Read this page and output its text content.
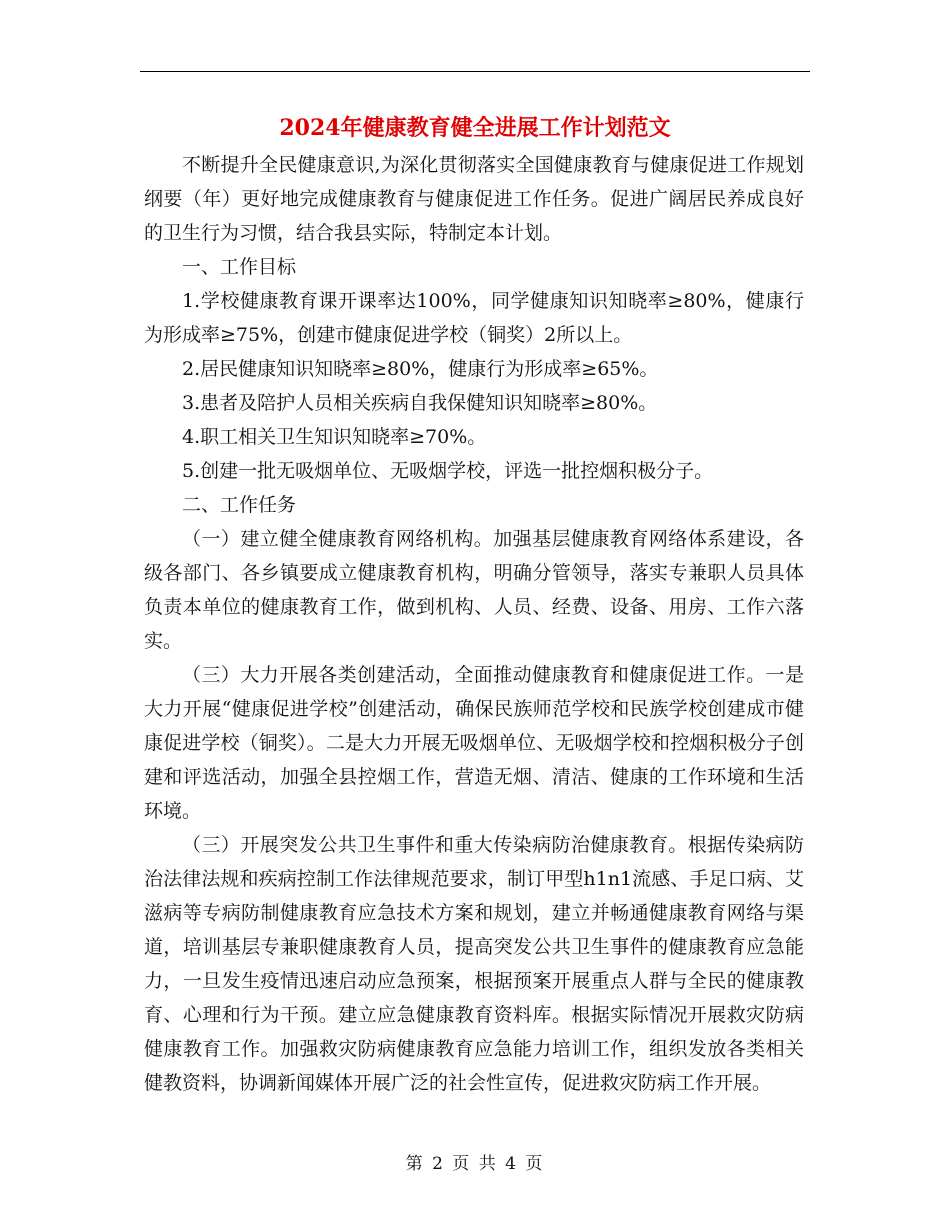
2024年健康教育健全进展工作计划范文

不断提升全民健康意识,为深化贯彻落实全国健康教育与健康促进工作规划纲要（年）更好地完成健康教育与健康促进工作任务。促进广阔居民养成良好的卫生行为习惯，结合我县实际，特制定本计划。

一、工作目标

1.学校健康教育课开课率达100%，同学健康知识知晓率≥80%，健康行为形成率≥75%，创建市健康促进学校（铜奖）2所以上。

2.居民健康知识知晓率≥80%，健康行为形成率≥65%。

3.患者及陪护人员相关疾病自我保健知识知晓率≥80%。

4.职工相关卫生知识知晓率≥70%。

5.创建一批无吸烟单位、无吸烟学校，评选一批控烟积极分子。

二、工作任务

（一）建立健全健康教育网络机构。加强基层健康教育网络体系建设，各级各部门、各乡镇要成立健康教育机构，明确分管领导，落实专兼职人员具体负责本单位的健康教育工作，做到机构、人员、经费、设备、用房、工作六落实。

（三）大力开展各类创建活动，全面推动健康教育和健康促进工作。一是大力开展“健康促进学校”创建活动，确保民族师范学校和民族学校创建成市健康促进学校（铜奖）。二是大力开展无吸烟单位、无吸烟学校和控烟积极分子创建和评选活动，加强全县控烟工作，营造无烟、清洁、健康的工作环境和生活环境。

（三）开展突发公共卫生事件和重大传染病防治健康教育。根据传染病防治法律法规和疾病控制工作法律规范要求，制订甲型h1n1流感、手足口病、艾滋病等专病防制健康教育应急技术方案和规划，建立并畅通健康教育网络与渠道，培训基层专兼职健康教育人员，提高突发公共卫生事件的健康教育应急能力，一旦发生疫情迅速启动应急预案，根据预案开展重点人群与全民的健康教育、心理和行为干预。建立应急健康教育资料库。根据实际情况开展救灾防病健康教育工作。加强救灾防病健康教育应急能力培训工作，组织发放各类相关健教资料，协调新闻媒体开展广泛的社会性宣传，促进救灾防病工作开展。

第 2 页 共 4 页
